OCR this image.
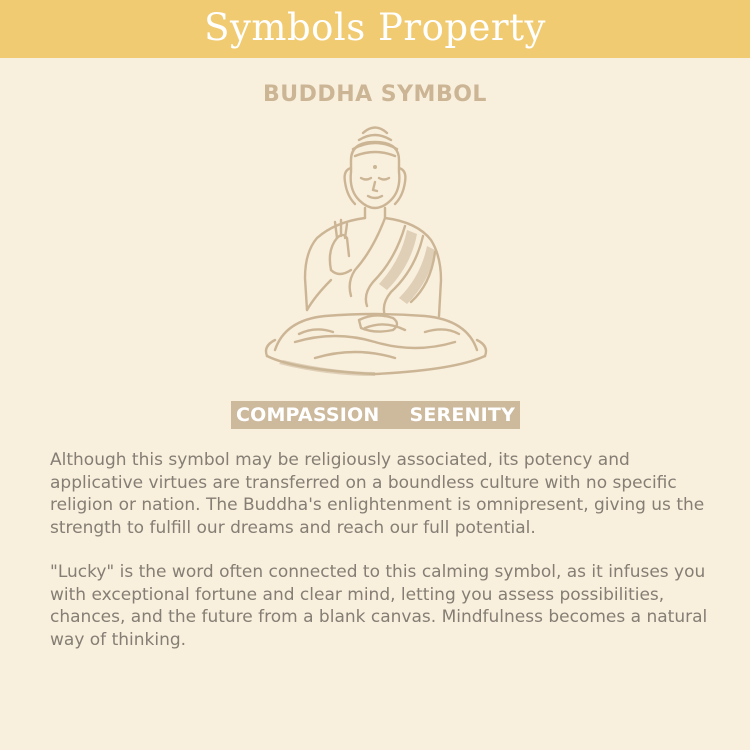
Symbols Property
BUDDHA SYMBOL
COMPASSION SERENITY

Although this symbol may be religiously associated, its potency and applicative virtues are transferred on a boundless culture with no specific religion or nation. The Buddha's enlightenment is omnipresent, giving us the strength to fulfill our dreams and reach our full potential.

"Lucky" is the word often connected to this calming symbol, as it infuses you with exceptional fortune and clear mind, letting you assess possibilities, chances, and the future from a blank canvas. Mindfulness becomes a natural way of thinking.
